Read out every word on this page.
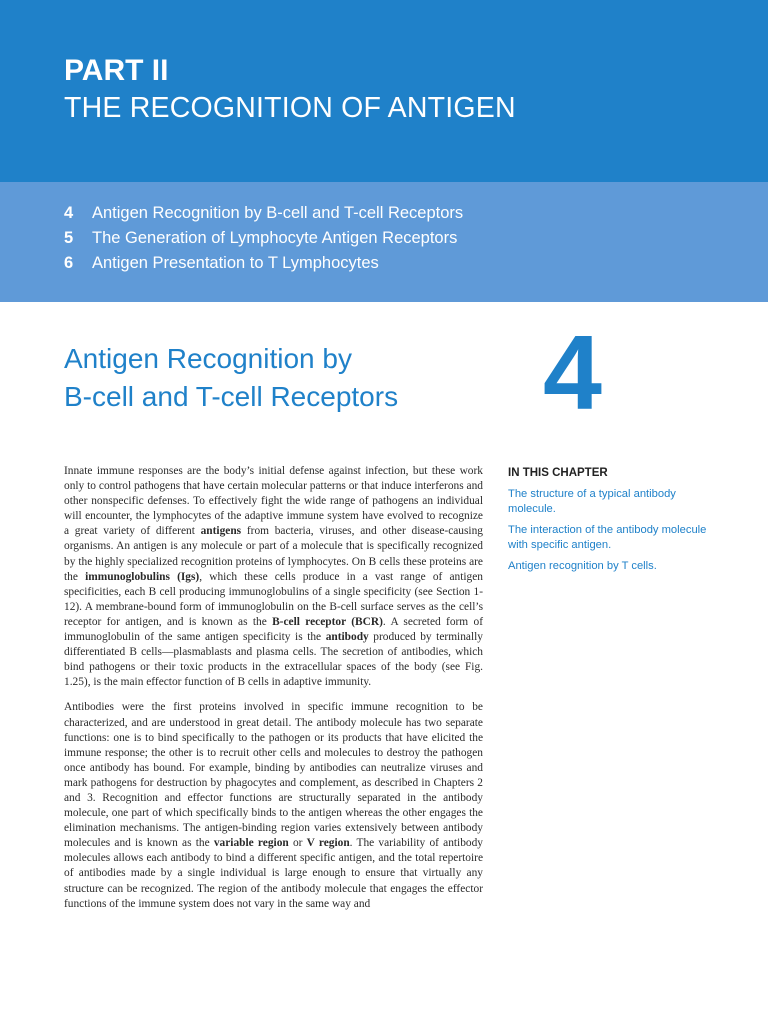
PART II
THE RECOGNITION OF ANTIGEN
4 Antigen Recognition by B-cell and T-cell Receptors
5 The Generation of Lymphocyte Antigen Receptors
6 Antigen Presentation to T Lymphocytes
Antigen Recognition by
B-cell and T-cell Receptors 4

Innate immune responses are the body’s initial defense against infection, but these work only to control pathogens that have certain molecular patterns or that induce interferons and other nonspecific defenses. To effectively fight the wide range of pathogens an individual will encounter, the lymphocytes of the adaptive immune system have evolved to recognize a great variety of different antigens from bacteria, viruses, and other disease-causing organisms. An antigen is any molecule or part of a molecule that is specifically recognized by the highly specialized recognition proteins of lymphocytes. On B cells these proteins are the immunoglobulins (Igs), which these cells produce in a vast range of antigen specificities, each B cell producing immunoglobulins of a single specificity (see Section 1-12). A membrane-bound form of immunoglobulin on the B-cell surface serves as the cell’s receptor for antigen, and is known as the B-cell receptor (BCR). A secreted form of immunoglobulin of the same antigen specificity is the antibody produced by terminally differentiated B cells—plasmablasts and plasma cells. The secretion of antibodies, which bind pathogens or their toxic products in the extracellular spaces of the body (see Fig. 1.25), is the main effector function of B cells in adaptive immunity.

Antibodies were the first proteins involved in specific immune recognition to be characterized, and are understood in great detail. The antibody molecule has two separate functions: one is to bind specifically to the pathogen or its products that have elicited the immune response; the other is to recruit other cells and molecules to destroy the pathogen once antibody has bound. For example, binding by antibodies can neutralize viruses and mark pathogens for destruction by phagocytes and complement, as described in Chapters 2 and 3. Recognition and effector functions are structurally separated in the antibody molecule, one part of which specifically binds to the antigen whereas the other engages the elimination mechanisms. The antigen-binding region varies extensively between antibody molecules and is known as the variable region or V region. The variability of antibody molecules allows each antibody to bind a different specific antigen, and the total repertoire of antibodies made by a single individual is large enough to ensure that virtually any structure can be recognized. The region of the antibody molecule that engages the effector functions of the immune system does not vary in the same way and

IN THIS CHAPTER
The structure of a typical antibody molecule.
The interaction of the antibody molecule with specific antigen.
Antigen recognition by T cells.
